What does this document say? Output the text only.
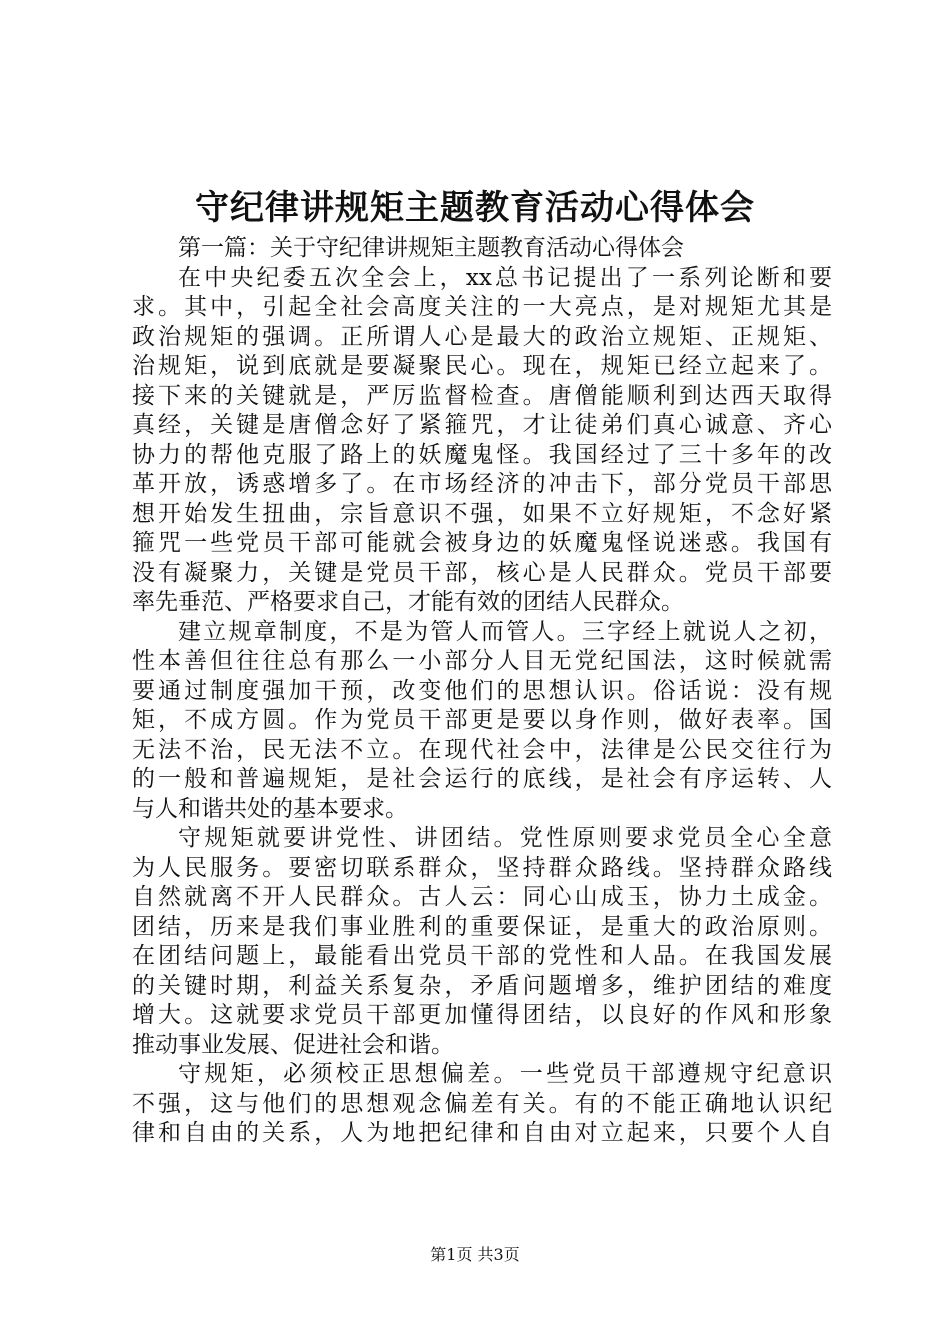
守纪律讲规矩主题教育活动心得体会
第一篇：关于守纪律讲规矩主题教育活动心得体会
在中央纪委五次全会上，xx总书记提出了一系列论断和要
求。其中，引起全社会高度关注的一大亮点，是对规矩尤其是
政治规矩的强调。正所谓人心是最大的政治立规矩、正规矩、
治规矩，说到底就是要凝聚民心。现在，规矩已经立起来了。
接下来的关键就是，严厉监督检查。唐僧能顺利到达西天取得
真经，关键是唐僧念好了紧箍咒，才让徒弟们真心诚意、齐心
协力的帮他克服了路上的妖魔鬼怪。我国经过了三十多年的改
革开放，诱惑增多了。在市场经济的冲击下，部分党员干部思
想开始发生扭曲，宗旨意识不强，如果不立好规矩，不念好紧
箍咒一些党员干部可能就会被身边的妖魔鬼怪说迷惑。我国有
没有凝聚力，关键是党员干部，核心是人民群众。党员干部要
率先垂范、严格要求自己，才能有效的团结人民群众。
建立规章制度，不是为管人而管人。三字经上就说人之初，
性本善但往往总有那么一小部分人目无党纪国法，这时候就需
要通过制度强加干预，改变他们的思想认识。俗话说：没有规
矩，不成方圆。作为党员干部更是要以身作则，做好表率。国
无法不治，民无法不立。在现代社会中，法律是公民交往行为
的一般和普遍规矩，是社会运行的底线，是社会有序运转、人
与人和谐共处的基本要求。
守规矩就要讲党性、讲团结。党性原则要求党员全心全意
为人民服务。要密切联系群众，坚持群众路线。坚持群众路线
自然就离不开人民群众。古人云：同心山成玉，协力土成金。
团结，历来是我们事业胜利的重要保证，是重大的政治原则。
在团结问题上，最能看出党员干部的党性和人品。在我国发展
的关键时期，利益关系复杂，矛盾问题增多，维护团结的难度
增大。这就要求党员干部更加懂得团结，以良好的作风和形象
推动事业发展、促进社会和谐。
守规矩，必须校正思想偏差。一些党员干部遵规守纪意识
不强，这与他们的思想观念偏差有关。有的不能正确地认识纪
律和自由的关系，人为地把纪律和自由对立起来，只要个人自
第1页 共3页
